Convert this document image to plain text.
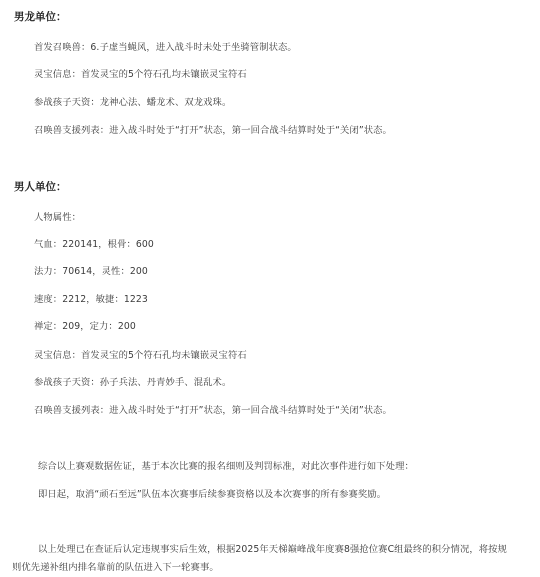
男龙单位：
首发召唤兽：6.子虚当蝇风，进入战斗时未处于坐骑管制状态。
灵宝信息：首发灵宝的5个符石孔均未镶嵌灵宝符石
参战孩子天资：龙神心法、蟠龙术、双龙戏珠。
召唤兽支援列表：进入战斗时处于“打开”状态，第一回合战斗结算时处于“关闭”状态。
男人单位：
人物属性：
气血：220141，根骨：600
法力：70614，灵性：200
速度：2212，敏捷：1223
禅定：209，定力：200
灵宝信息：首发灵宝的5个符石孔均未镶嵌灵宝符石
参战孩子天资：孙子兵法、丹青妙手、混乱术。
召唤兽支援列表：进入战斗时处于“打开”状态，第一回合战斗结算时处于“关闭”状态。
综合以上赛观数据佐证，基于本次比赛的报名细则及判罚标准，对此次事件进行如下处理：
即日起，取消“顽石至远”队伍本次赛事后续参赛资格以及本次赛事的所有参赛奖励。
以上处理已在查证后认定违规事实后生效，根据2025年天梯巅峰战年度赛8强抢位赛C组最终的积分情况，将按规
则优先递补组内排名靠前的队伍进入下一轮赛事。
